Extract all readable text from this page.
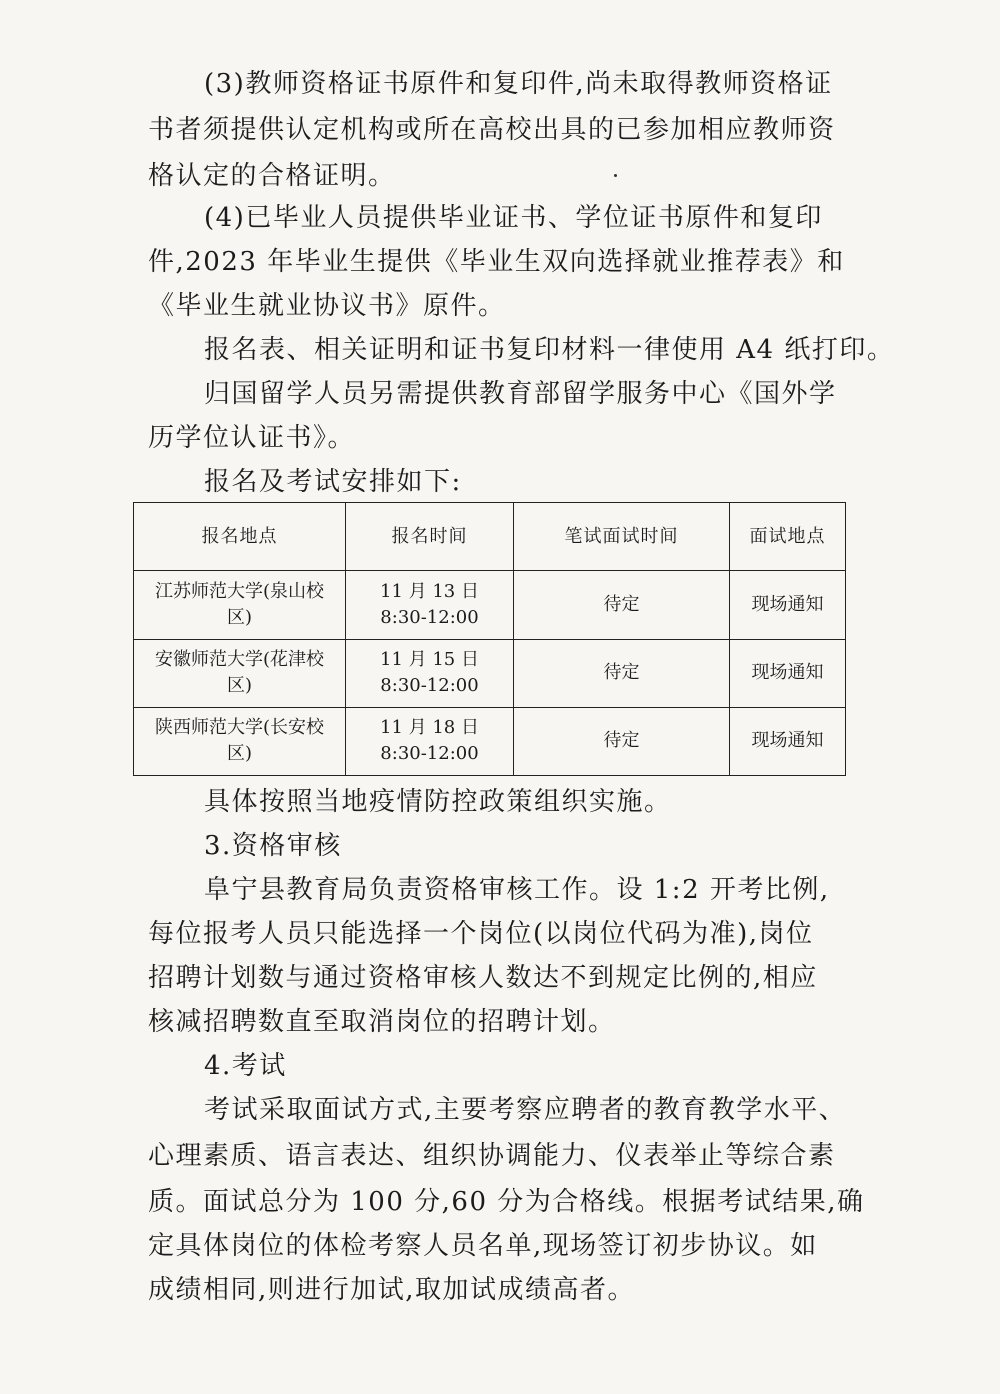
(3)教师资格证书原件和复印件,尚未取得教师资格证
书者须提供认定机构或所在高校出具的已参加相应教师资
格认定的合格证明。
(4)已毕业人员提供毕业证书、学位证书原件和复印
件,2023 年毕业生提供《毕业生双向选择就业推荐表》和
《毕业生就业协议书》原件。
报名表、相关证明和证书复印材料一律使用 A4 纸打印。
归国留学人员另需提供教育部留学服务中心《国外学
历学位认证书》。
报名及考试安排如下:
报名地点	报名时间	笔试面试时间	面试地点

江苏师范大学(泉山校
区)	11 月 13 日
8:30-12:00	待定	现场通知

安徽师范大学(花津校
区)	11 月 15 日
8:30-12:00	待定	现场通知

陕西师范大学(长安校
区)	11 月 18 日
8:30-12:00	待定	现场通知
具体按照当地疫情防控政策组织实施。
3.资格审核
阜宁县教育局负责资格审核工作。设 1:2 开考比例,
每位报考人员只能选择一个岗位(以岗位代码为准),岗位
招聘计划数与通过资格审核人数达不到规定比例的,相应
核减招聘数直至取消岗位的招聘计划。
4.考试
考试采取面试方式,主要考察应聘者的教育教学水平、
心理素质、语言表达、组织协调能力、仪表举止等综合素
质。面试总分为 100 分,60 分为合格线。根据考试结果,确
定具体岗位的体检考察人员名单,现场签订初步协议。如
成绩相同,则进行加试,取加试成绩高者。
